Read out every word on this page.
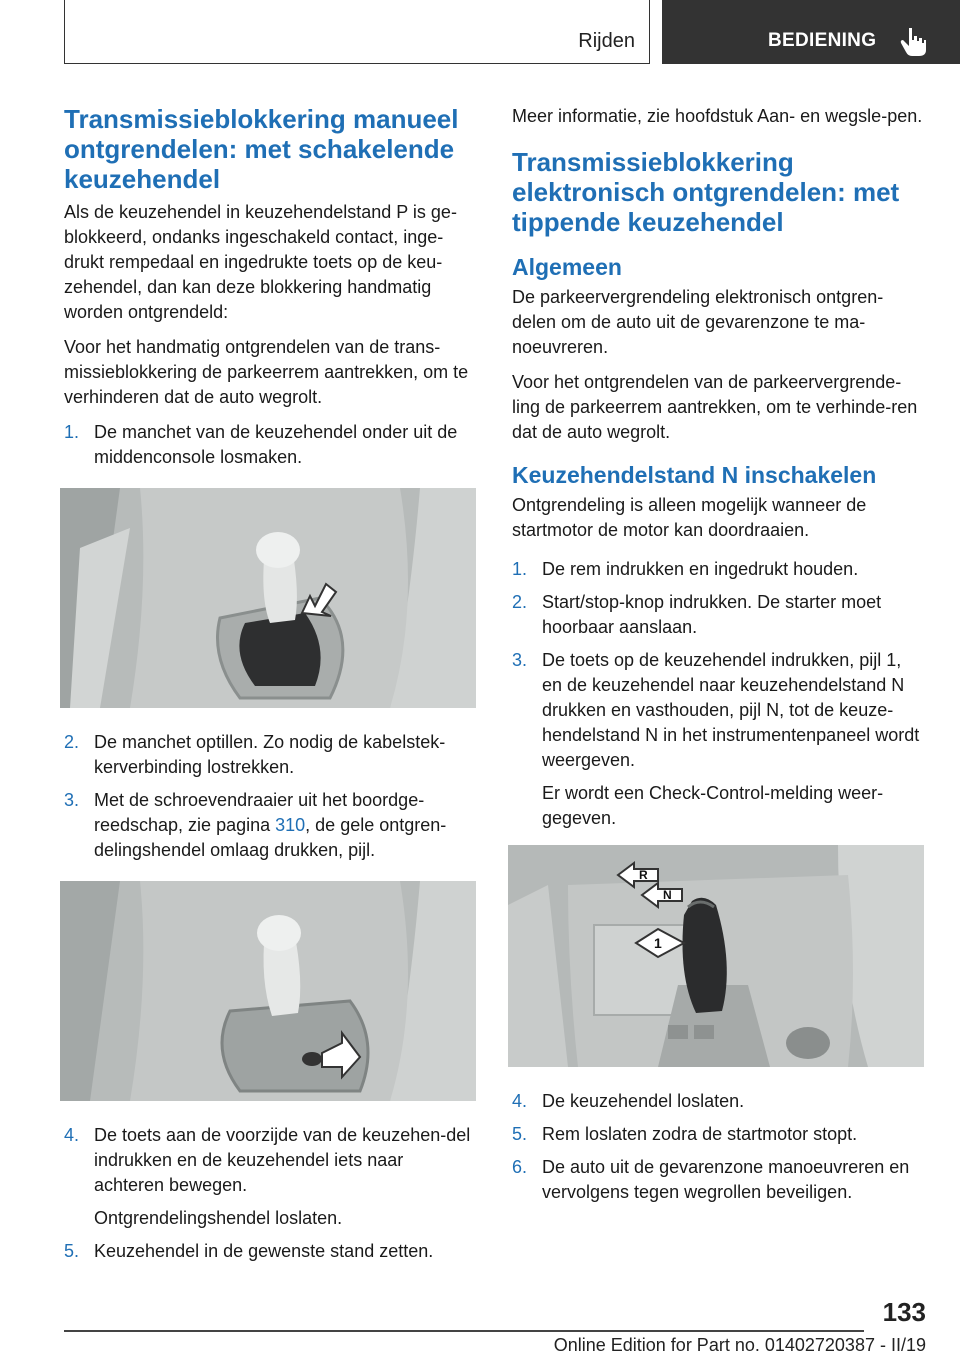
Rijden	BEDIENING
Transmissieblokkering manueel ontgrendelen: met schakelende keuzehendel

Als de keuzehendel in keuzehendelstand P is ge-blokkeerd, ondanks ingeschakeld contact, inge-drukt rempedaal en ingedrukte toets op de keu-zehendel, dan kan deze blokkering handmatig worden ontgrendeld:

Voor het handmatig ontgrendelen van de trans-missieblokkering de parkeerrem aantrekken, om te verhinderen dat de auto wegrolt.

1. De manchet van de keuzehendel onder uit de middenconsole losmaken.
2. De manchet optillen. Zo nodig de kabelstek-kerverbinding lostrekken.
3. Met de schroevendraaier uit het boordge-reedschap, zie pagina 310, de gele ontgren-delingshendel omlaag drukken, pijl.
4. De toets aan de voorzijde van de keuzehen-del indrukken en de keuzehendel iets naar achteren bewegen.
Ontgrendelingshendel loslaten.
5. Keuzehendel in de gewenste stand zetten.

Meer informatie, zie hoofdstuk Aan- en wegsle-pen.

Transmissieblokkering elektronisch ontgrendelen: met tippende keuzehendel
Algemeen

De parkeervergrendeling elektronisch ontgren-delen om de auto uit de gevarenzone te ma-noeuvreren.

Voor het ontgrendelen van de parkeervergrende-ling de parkeerrem aantrekken, om te verhinde-ren dat de auto wegrolt.

Keuzehendelstand N inschakelen

Ontgrendeling is alleen mogelijk wanneer de startmotor de motor kan doordraaien.

1. De rem indrukken en ingedrukt houden.
2. Start/stop-knop indrukken. De starter moet hoorbaar aanslaan.
3. De toets op de keuzehendel indrukken, pijl 1, en de keuzehendel naar keuzehendelstand N drukken en vasthouden, pijl N, tot de keuze-hendelstand N in het instrumentenpaneel wordt weergeven.
Er wordt een Check-Control-melding weer-gegeven.
R
N
1
4. De keuzehendel loslaten.
5. Rem loslaten zodra de startmotor stopt.
6. De auto uit de gevarenzone manoeuvreren en vervolgens tegen wegrollen beveiligen.
133
Online Edition for Part no. 01402720387 - II/19
